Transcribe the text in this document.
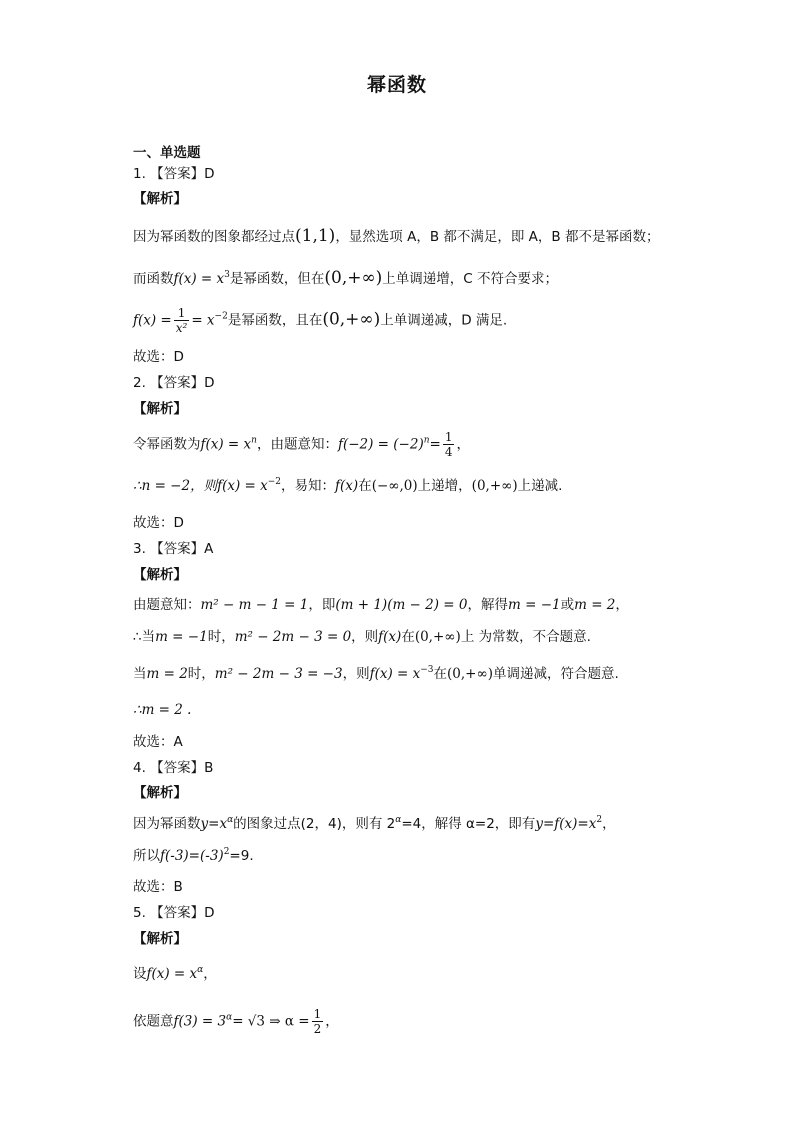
幂函数
一、单选题
1. 【答案】D
【解析】
因为幂函数的图象都经过点(1,1)，显然选项 A，B 都不满足，即 A，B 都不是幂函数；
而函数$f(x) = x^3$是幂函数，但在(0,+∞)上单调递增，C 不符合要求；
$f(x) = \frac{1}{\text{x²}} = x^{-2}$是幂函数，且在(0,+∞)上单调递减，D 满足.
故选：D
2. 【答案】D
【解析】
令幂函数为$f(x) = x^n$，由题意知：$f(-2) = (-2)^n= \frac{1}{4}$ ，
∴n = −2，则$f(x) = x^{-2}$，易知：f(x)在(−∞,0)上递增，(0,+∞)上递减.
故选：D
3. 【答案】A
【解析】
由题意知：m² − m − 1 = 1，即(m + 1)(m − 2) = 0，解得m = −1或m = 2，
∴当m = −1时，m² − 2m − 3 = 0，则f(x)在(0,+∞)上 为常数，不合题意.
当m = 2时，m² − 2m − 3 = −3，则$f(x) = x^{-3}$在(0,+∞)单调递减，符合题意.
∴m = 2 .
故选：A
4. 【答案】B
【解析】
因为幂函数$y=x^\alpha$的图象过点(2，4)，则有 $2^\alpha=4$，解得 α=2，即有$y=f(x)=x^2$，
所以$f(-3)=(-3)^2=9$.
故选：B
5. 【答案】D
【解析】
设$f(x) = x^\alpha$，
依题意$f(3) = 3^\alpha= √3$ ⇒ $\alpha = \frac{1}{2}$ ，
